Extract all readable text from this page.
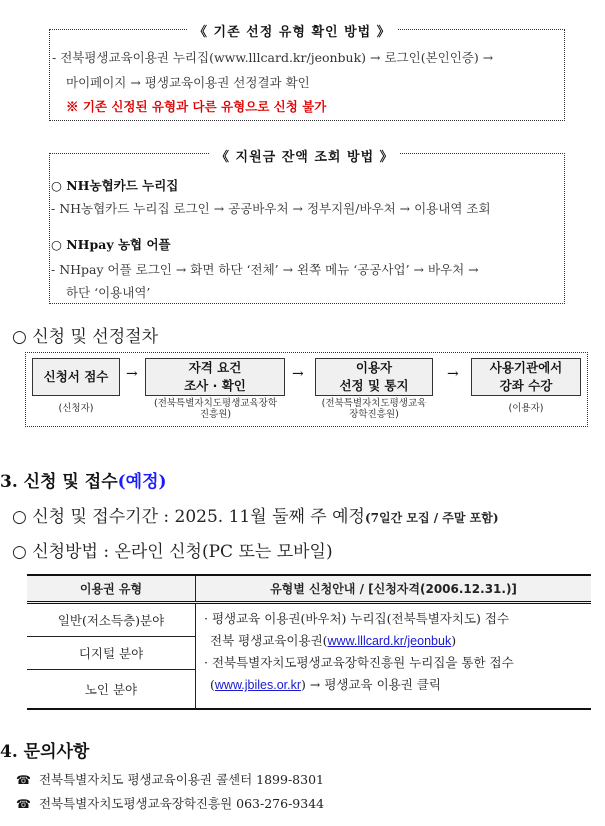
《 기존 선정 유형 확인 방법 》
- 전북평생교육이용권 누리집(www.lllcard.kr/jeonbuk) → 로그인(본인인증) →
마이페이지 → 평생교육이용권 선정결과 확인
※ 기존 신정된 유형과 다른 유형으로 신청 불가
《 지원금 잔액 조회 방법 》
○ NH농협카드 누리집
- NH농협카드 누리집 로그인 → 공공바우처 → 정부지원/바우처 → 이용내역 조회
○ NHpay 농협 어플
- NHpay 어플 로그인 → 화면 하단 ‘전체’ → 왼쪽 메뉴 ‘공공사업’ → 바우처 →
하단 ‘이용내역’
○ 신청 및 선정절차
신청서 점수 →	자격 요건
조사 · 확인
→	이용자
선정 및 통지
→ 사용기관에서
강좌 수강
(신청자)	(전북특별자치도평생교육장학
진흥원)
(전북특별자치도평생교육
장학진흥원)
(이용자)
3. 신청 및 접수(예정)
○ 신청 및 접수기간 : 2025. 11월 둘째 주 예정(7일간 모집 / 주말 포함)
○ 신청방법 : 온라인 신청(PC 또는 모바일)
이용권 유형	유형별 신청안내 / [신청자격(2006.12.31.)]
일반(저소득층)분야	· 평생교육 이용권(바우처) 누리집(전북특별자치도) 접수
전북 평생교육이용권(www.lllcard.kr/jeonbuk)
· 전북특별자치도평생교육장학진흥원 누리집을 통한 접수
(www.jbiles.or.kr) → 평생교육 이용권 클릭

디지털 분야	
노인 분야	
4. 문의사항
☎ 전북특별자치도 평생교육이용권 콜센터 1899-8301
☎ 전북특별자치도평생교육장학진흥원 063-276-9344
